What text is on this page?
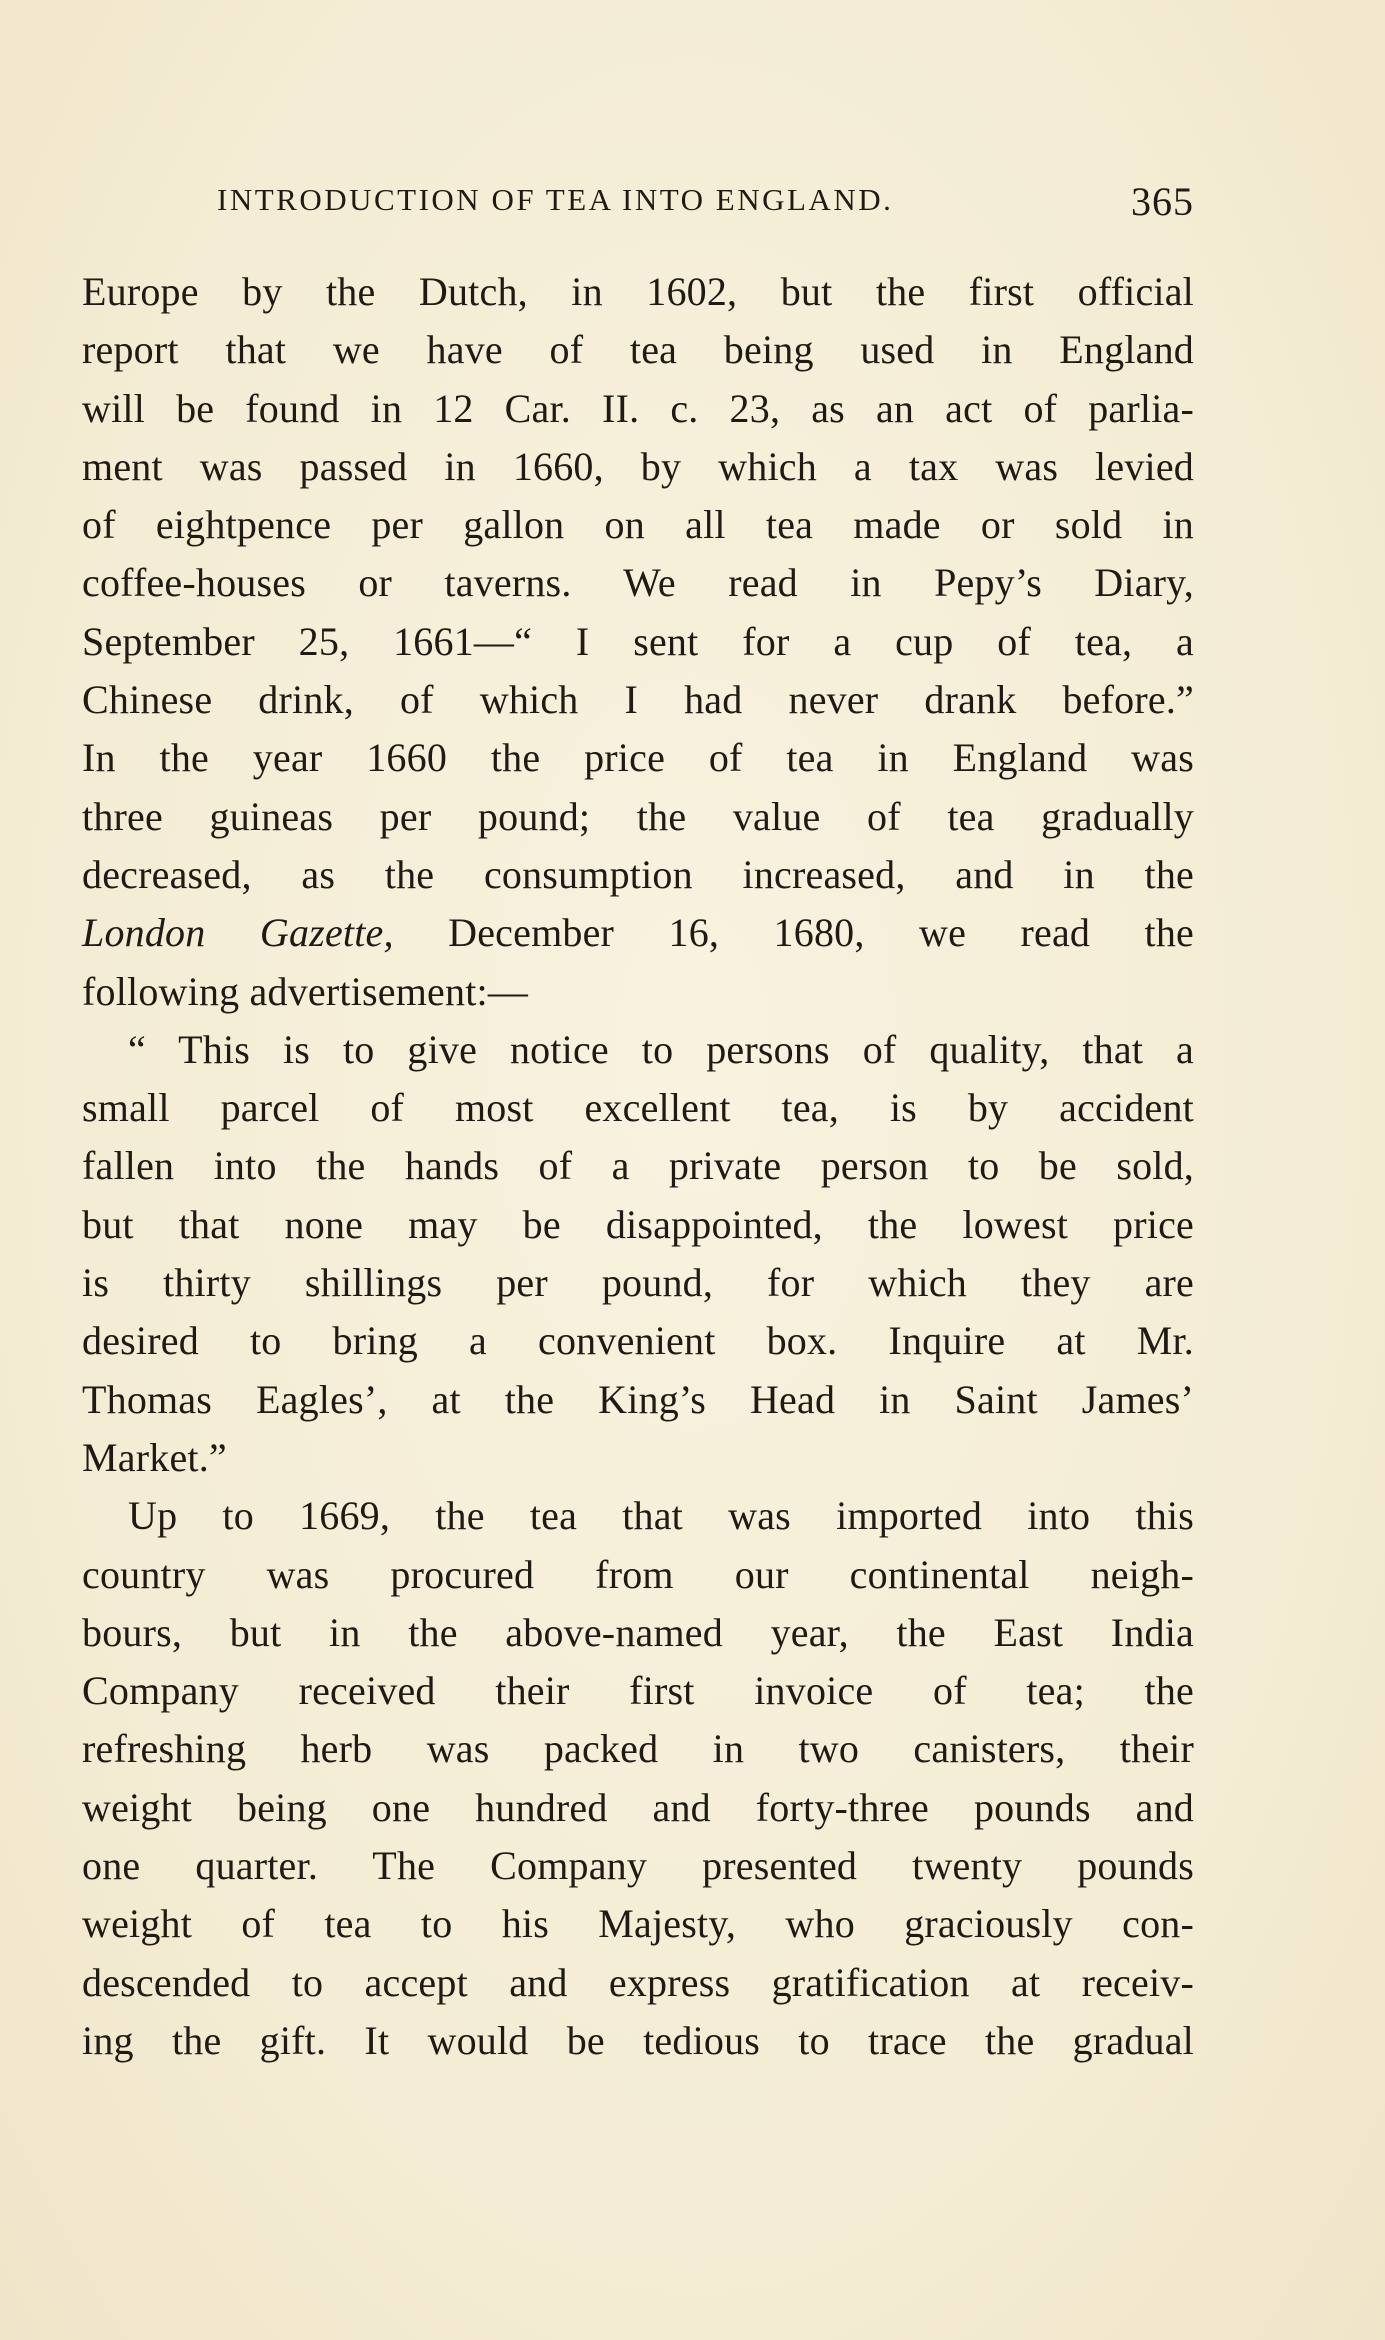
INTRODUCTION OF TEA INTO ENGLAND.	365
Europe by the Dutch, in 1602, but the first official
report that we have of tea being used in England
will be found in 12 Car. II. c. 23, as an act of parlia-
ment was passed in 1660, by which a tax was levied
of eightpence per gallon on all tea made or sold in
coffee-houses or taverns. We read in Pepy’s Diary,
September 25, 1661—“ I sent for a cup of tea, a
Chinese drink, of which I had never drank before.”
In the year 1660 the price of tea in England was
three guineas per pound; the value of tea gradually
decreased, as the consumption increased, and in the
London Gazette, December 16, 1680, we read the
following advertisement:—
“ This is to give notice to persons of quality, that a
small parcel of most excellent tea, is by accident
fallen into the hands of a private person to be sold,
but that none may be disappointed, the lowest price
is thirty shillings per pound, for which they are
desired to bring a convenient box. Inquire at Mr.
Thomas Eagles’, at the King’s Head in Saint James’
Market.”
Up to 1669, the tea that was imported into this
country was procured from our continental neigh-
bours, but in the above-named year, the East India
Company received their first invoice of tea; the
refreshing herb was packed in two canisters, their
weight being one hundred and forty-three pounds and
one quarter. The Company presented twenty pounds
weight of tea to his Majesty, who graciously con-
descended to accept and express gratification at receiv-
ing the gift. It would be tedious to trace the gradual
